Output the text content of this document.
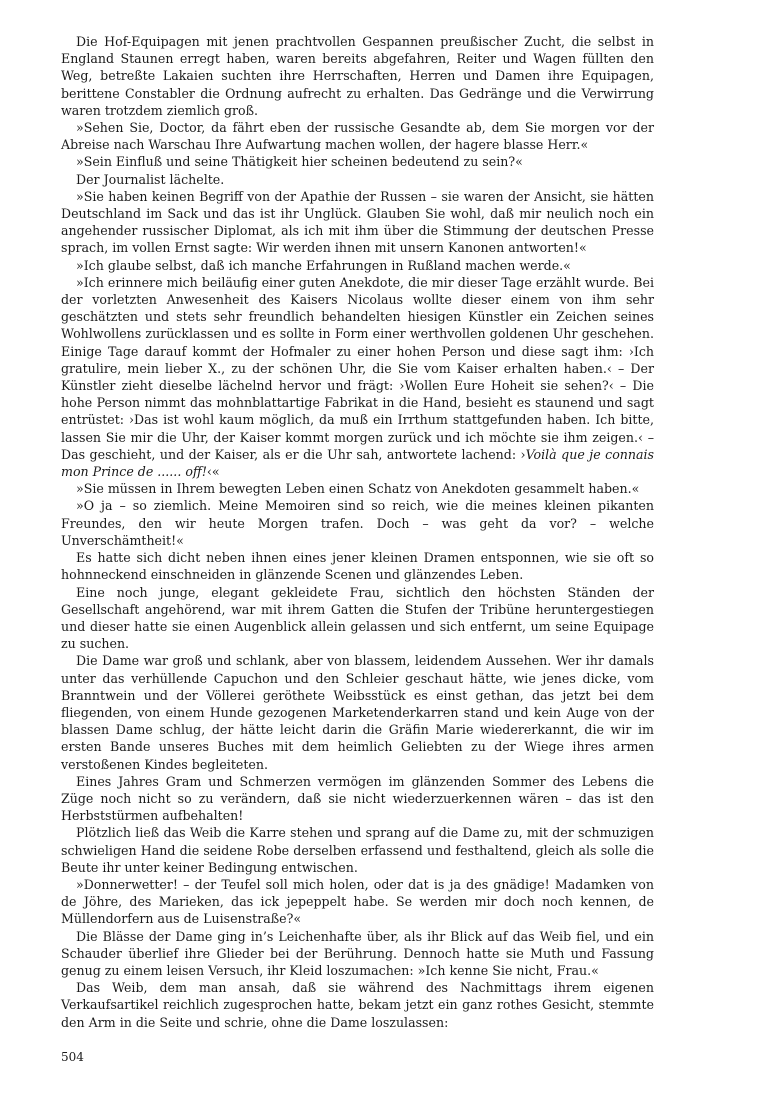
Die Hof-Equipagen mit jenen prachtvollen Gespannen preußischer Zucht, die selbst in England Staunen erregt haben, waren bereits abgefahren, Reiter und Wagen füllten den Weg, betreßte Lakaien suchten ihre Herrschaften, Herren und Damen ihre Equipagen, berittene Constabler die Ordnung aufrecht zu erhalten. Das Gedränge und die Verwirrung waren trotzdem ziemlich groß.

»Sehen Sie, Doctor, da fährt eben der russische Gesandte ab, dem Sie morgen vor der Abreise nach Warschau Ihre Aufwartung machen wollen, der hagere blasse Herr.«

»Sein Einfluß und seine Thätigkeit hier scheinen bedeutend zu sein?«

Der Journalist lächelte.

»Sie haben keinen Begriff von der Apathie der Russen – sie waren der Ansicht, sie hätten Deutschland im Sack und das ist ihr Unglück. Glauben Sie wohl, daß mir neulich noch ein angehender russischer Diplomat, als ich mit ihm über die Stimmung der deutschen Presse sprach, im vollen Ernst sagte: Wir werden ihnen mit unsern Kanonen antworten!«

»Ich glaube selbst, daß ich manche Erfahrungen in Rußland machen werde.«

»Ich erinnere mich beiläufig einer guten Anekdote, die mir dieser Tage erzählt wurde. Bei der vorletzten Anwesenheit des Kaisers Nicolaus wollte dieser einem von ihm sehr geschätzten und stets sehr freundlich behandelten hiesigen Künstler ein Zeichen seines Wohlwollens zurücklassen und es sollte in Form einer werthvollen goldenen Uhr geschehen. Einige Tage darauf kommt der Hofmaler zu einer hohen Person und diese sagt ihm: ›Ich gratulire, mein lieber X., zu der schönen Uhr, die Sie vom Kaiser erhalten haben.‹ – Der Künstler zieht dieselbe lächelnd hervor und frägt: ›Wollen Eure Hoheit sie sehen?‹ – Die hohe Person nimmt das mohnblattartige Fabrikat in die Hand, besieht es staunend und sagt entrüstet: ›Das ist wohl kaum möglich, da muß ein Irrthum stattgefunden haben. Ich bitte, lassen Sie mir die Uhr, der Kaiser kommt morgen zurück und ich möchte sie ihm zeigen.‹ – Das geschieht, und der Kaiser, als er die Uhr sah, antwortete lachend: ›Voilà que je connais mon Prince de ...... off!‹«

»Sie müssen in Ihrem bewegten Leben einen Schatz von Anekdoten gesammelt haben.«

»O ja – so ziemlich. Meine Memoiren sind so reich, wie die meines kleinen pikanten Freundes, den wir heute Morgen trafen. Doch – was geht da vor? – welche Unverschämtheit!«

Es hatte sich dicht neben ihnen eines jener kleinen Dramen entsponnen, wie sie oft so hohnneckend einschneiden in glänzende Scenen und glänzendes Leben.

Eine noch junge, elegant gekleidete Frau, sichtlich den höchsten Ständen der Gesellschaft angehörend, war mit ihrem Gatten die Stufen der Tribüne heruntergestiegen und dieser hatte sie einen Augenblick allein gelassen und sich entfernt, um seine Equipage zu suchen.

Die Dame war groß und schlank, aber von blassem, leidendem Aussehen. Wer ihr damals unter das verhüllende Capuchon und den Schleier geschaut hätte, wie jenes dicke, vom Branntwein und der Völlerei geröthete Weibsstück es einst gethan, das jetzt bei dem fliegenden, von einem Hunde gezogenen Marketenderkarren stand und kein Auge von der blassen Dame schlug, der hätte leicht darin die Gräfin Marie wiedererkannt, die wir im ersten Bande unseres Buches mit dem heimlich Geliebten zu der Wiege ihres armen verstoßenen Kindes begleiteten.

Eines Jahres Gram und Schmerzen vermögen im glänzenden Sommer des Lebens die Züge noch nicht so zu verändern, daß sie nicht wiederzuerkennen wären – das ist den Herbststürmen aufbehalten!

Plötzlich ließ das Weib die Karre stehen und sprang auf die Dame zu, mit der schmuzigen schwieligen Hand die seidene Robe derselben erfassend und festhaltend, gleich als solle die Beute ihr unter keiner Bedingung entwischen.

»Donnerwetter! – der Teufel soll mich holen, oder dat is ja des gnädige! Madamken von de Jöhre, des Marieken, das ick jepeppelt habe. Se werden mir doch noch kennen, de Müllendorfern aus de Luisenstraße?«

Die Blässe der Dame ging in’s Leichenhafte über, als ihr Blick auf das Weib fiel, und ein Schauder überlief ihre Glieder bei der Berührung. Dennoch hatte sie Muth und Fassung genug zu einem leisen Versuch, ihr Kleid loszumachen: »Ich kenne Sie nicht, Frau.«

Das Weib, dem man ansah, daß sie während des Nachmittags ihrem eigenen Verkaufsartikel reichlich zugesprochen hatte, bekam jetzt ein ganz rothes Gesicht, stemmte den Arm in die Seite und schrie, ohne die Dame loszulassen:

504
